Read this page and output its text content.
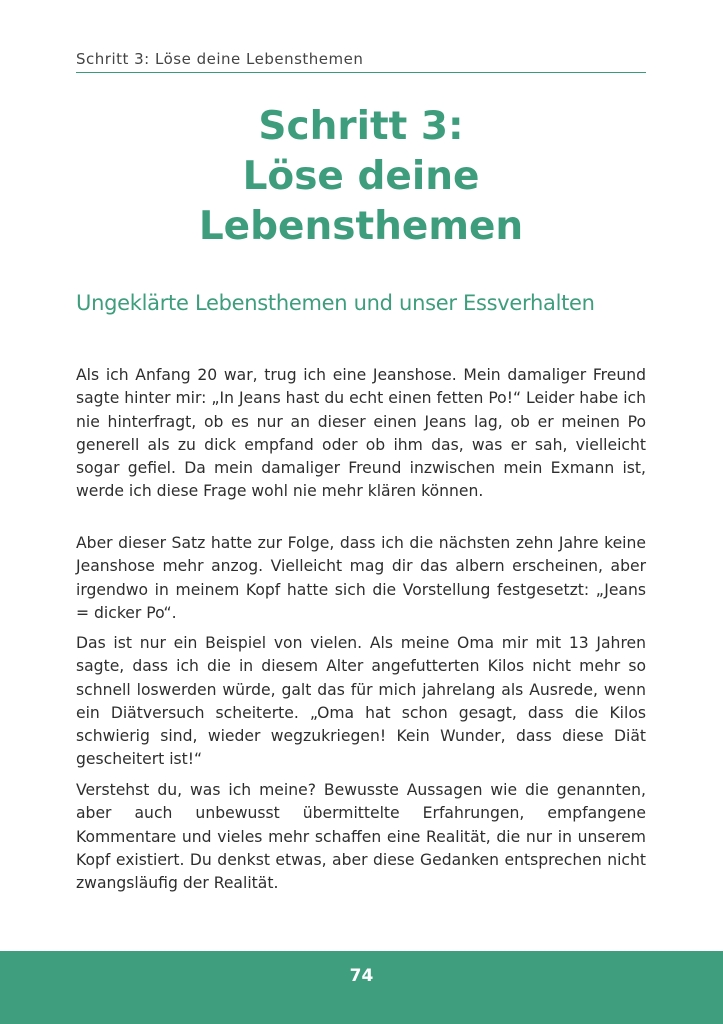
Schritt 3: Löse deine Lebensthemen
Schritt 3:
Löse deine
Lebensthemen
Ungeklärte Lebensthemen und unser Essverhalten

Als ich Anfang 20 war, trug ich eine Jeanshose. Mein damaliger Freund sagte hinter mir: „In Jeans hast du echt einen fetten Po!“ Leider habe ich nie hinterfragt, ob es nur an dieser einen Jeans lag, ob er meinen Po generell als zu dick empfand oder ob ihm das, was er sah, vielleicht sogar gefiel. Da mein damaliger Freund inzwischen mein Exmann ist, werde ich diese Frage wohl nie mehr klären können.

Aber dieser Satz hatte zur Folge, dass ich die nächsten zehn Jahre keine Jeanshose mehr anzog. Vielleicht mag dir das albern erscheinen, aber irgendwo in meinem Kopf hatte sich die Vorstellung festgesetzt: „Jeans = dicker Po“.

Das ist nur ein Beispiel von vielen. Als meine Oma mir mit 13 Jahren sagte, dass ich die in diesem Alter angefutterten Kilos nicht mehr so schnell loswerden würde, galt das für mich jahrelang als Ausrede, wenn ein Diätversuch scheiterte. „Oma hat schon gesagt, dass die Kilos schwierig sind, wieder wegzukriegen! Kein Wunder, dass diese Diät gescheitert ist!“

Verstehst du, was ich meine? Bewusste Aussagen wie die genannten, aber auch unbewusst übermittelte Erfahrungen, empfangene Kommentare und vieles mehr schaffen eine Realität, die nur in unserem Kopf existiert. Du denkst etwas, aber diese Gedanken entsprechen nicht zwangsläufig der Realität.

74
